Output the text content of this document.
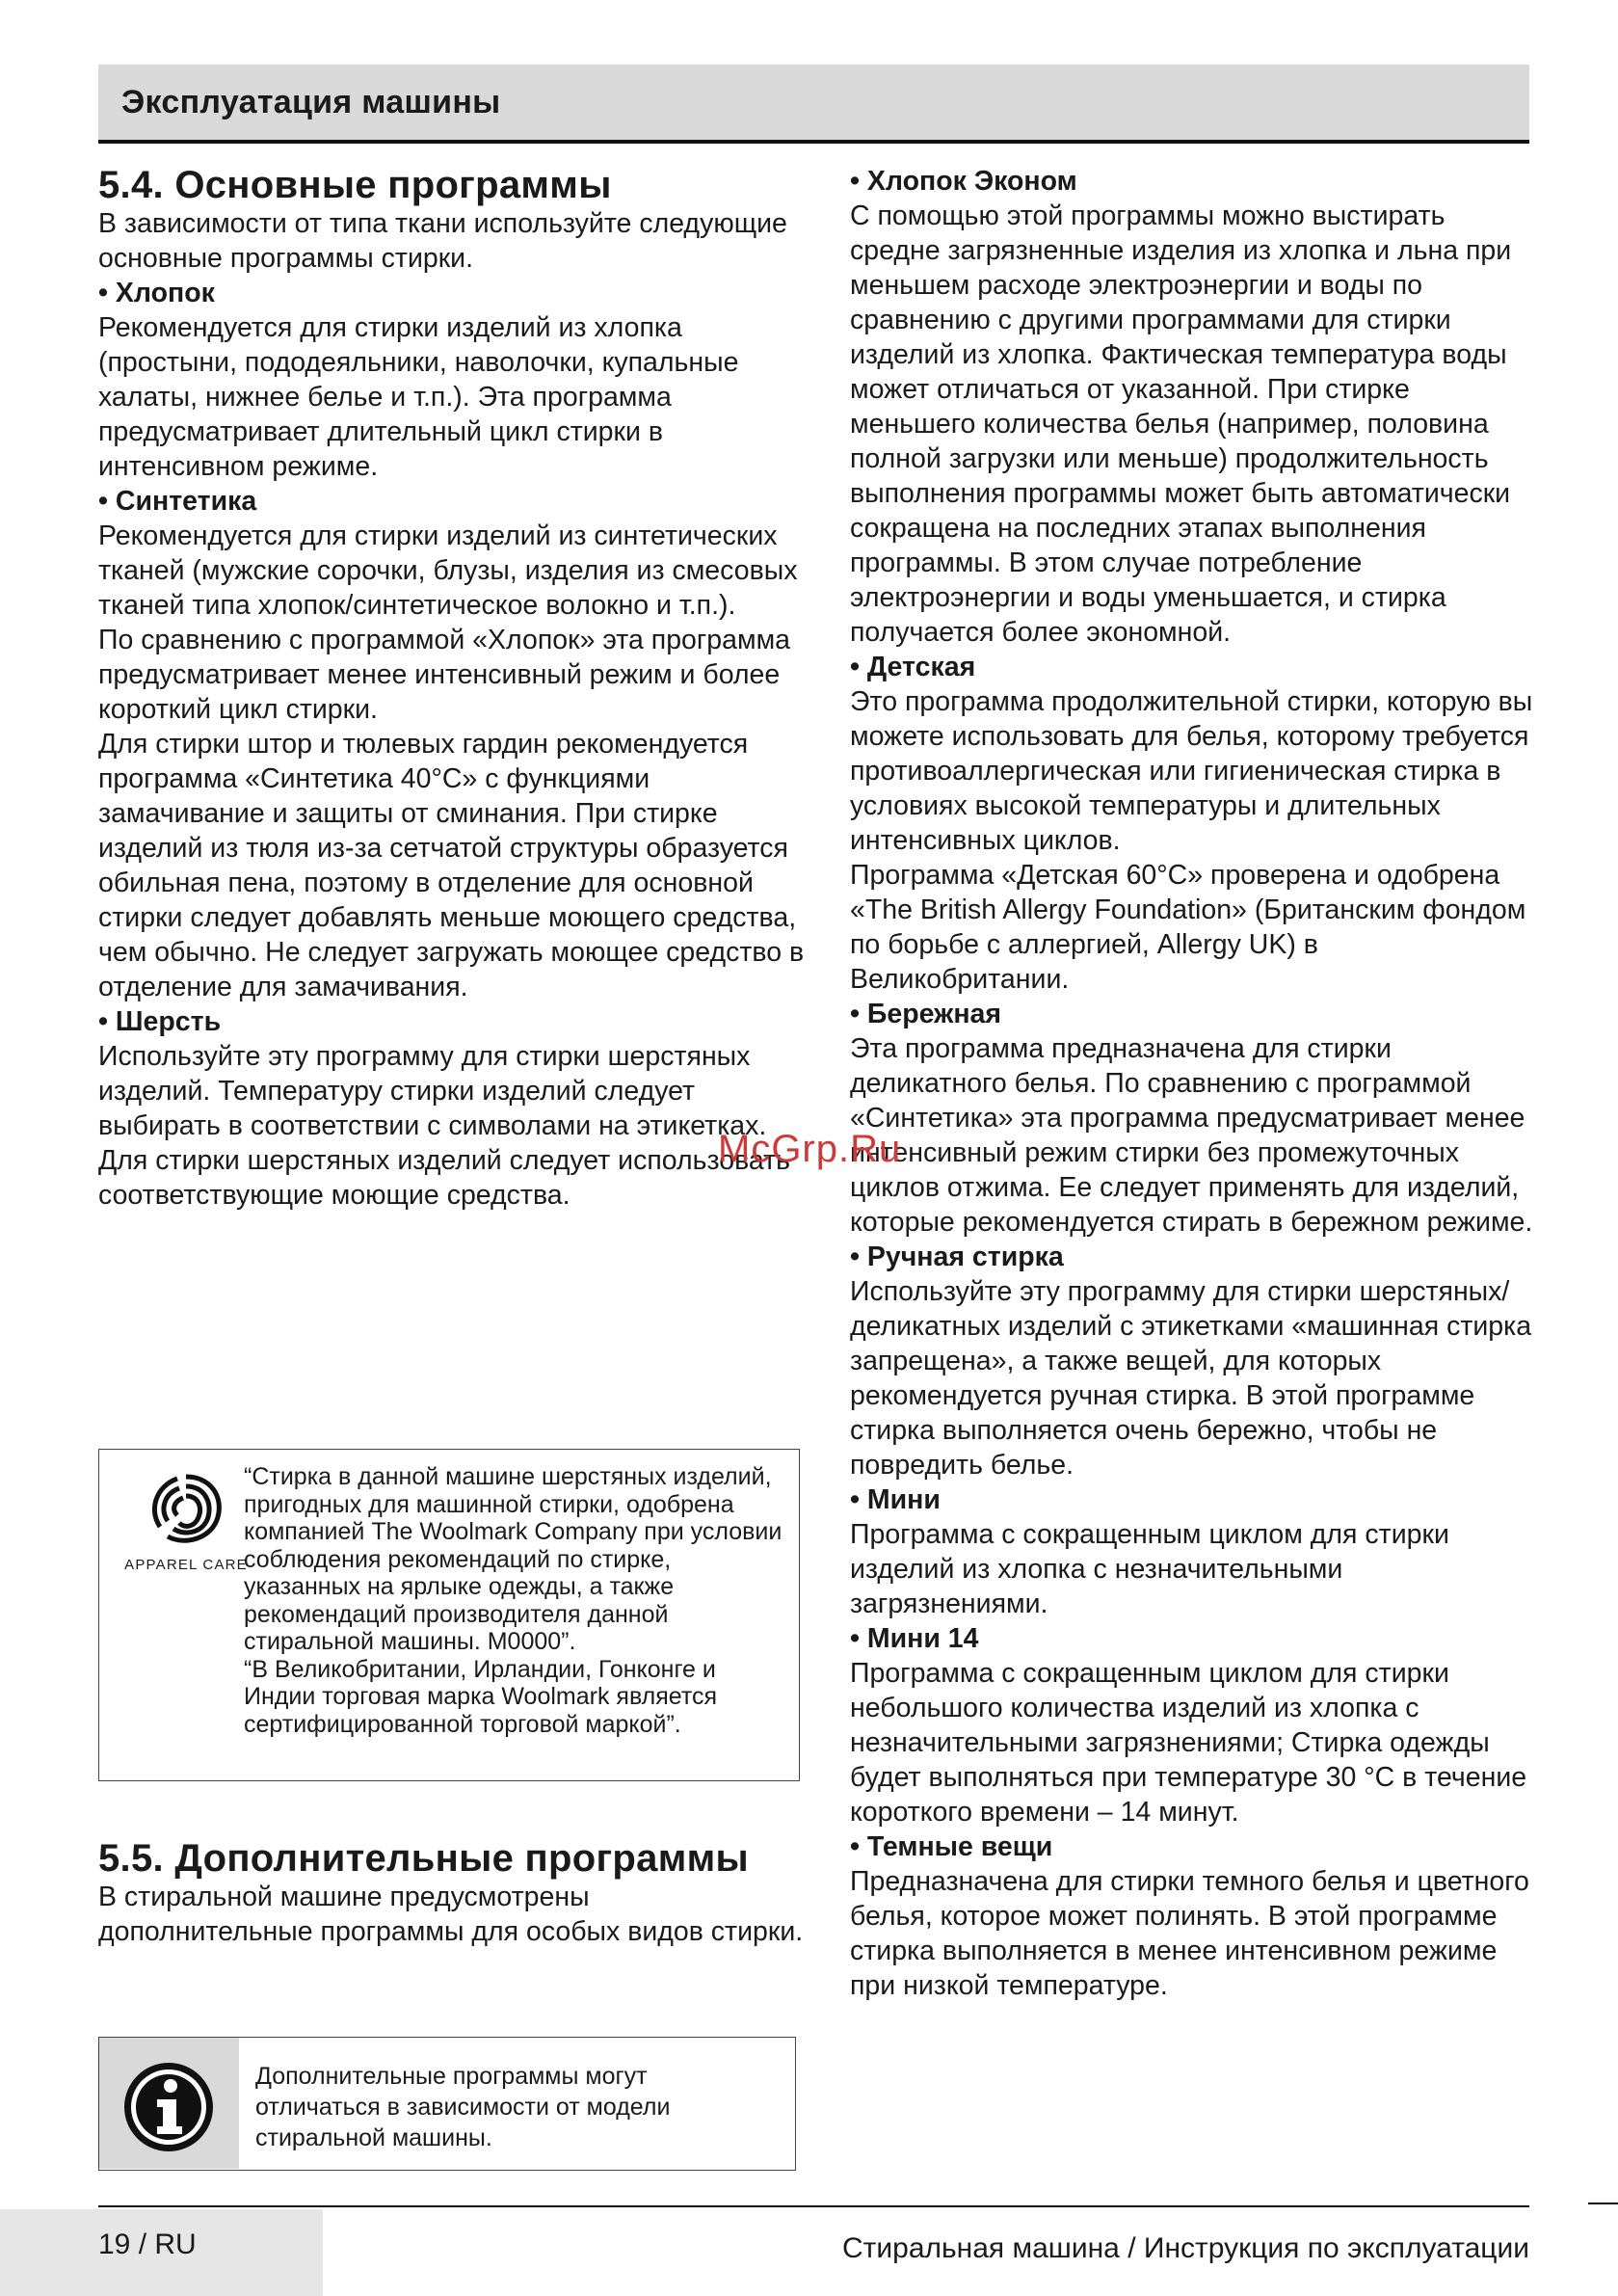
Эксплуатация машины
5.4. Основные программы

В зависимости от типа ткани используйте следующие основные программы стирки.

• Хлопок

Рекомендуется для стирки изделий из хлопка (простыни, пододеяльники, наволочки, купальные халаты, нижнее белье и т.п.). Эта программа предусматривает длительный цикл стирки в интенсивном режиме.

• Синтетика

Рекомендуется для стирки изделий из синтетических тканей (мужские сорочки, блузы, изделия из смесовых тканей типа хлопок/синтетическое волокно и т.п.).

По сравнению с программой «Хлопок» эта программа предусматривает менее интенсивный режим и более короткий цикл стирки.

Для стирки штор и тюлевых гардин рекомендуется программа «Синтетика 40°C» с функциями замачивание и защиты от сминания. При стирке изделий из тюля из-за сетчатой структуры образуется обильная пена, поэтому в отделение для основной стирки следует добавлять меньше моющего средства, чем обычно. Не следует загружать моющее средство в отделение для замачивания.

• Шерсть

Используйте эту программу для стирки шерстяных изделий. Температуру стирки изделий следует выбирать в соответствии с символами на этикетках. Для стирки шерстяных изделий следует использовать соответствующие моющие средства.

APPAREL CARE

“Стирка в данной машине шерстяных изделий, пригодных для машинной стирки, одобрена компанией The Woolmark Company при условии соблюдения рекомендаций по стирке, указанных на ярлыке одежды, а также рекомендаций производителя данной стиральной машины. M0000”.

“В Великобритании, Ирландии, Гонконге и Индии торговая марка Woolmark является сертифицированной торговой маркой”.

5.5. Дополнительные программы

В стиральной машине предусмотрены дополнительные программы для особых видов стирки.

Дополнительные программы могут отличаться в зависимости от модели стиральной машины.

• Хлопок Эконом

С помощью этой программы можно выстирать средне загрязненные изделия из хлопка и льна при меньшем расходе электроэнергии и воды по сравнению с другими программами для стирки изделий из хлопка. Фактическая температура воды может отличаться от указанной. При стирке меньшего количества белья (например, половина полной загрузки или меньше) продолжительность выполнения программы может быть автоматически сокращена на последних этапах выполнения программы. В этом случае потребление электроэнергии и воды уменьшается, и стирка получается более экономной.

• Детская

Это программа продолжительной стирки, которую вы можете использовать для белья, которому требуется противоаллергическая или гигиеническая стирка в условиях высокой температуры и длительных интенсивных циклов.

Программа «Детская 60°C» проверена и одобрена «The British Allergy Foundation» (Британским фондом по борьбе с аллергией, Allergy UK) в Великобритании.

• Бережная

Эта программа предназначена для стирки деликатного белья. По сравнению с программой «Синтетика» эта программа предусматривает менее интенсивный режим стирки без промежуточных циклов отжима. Ее следует применять для изделий, которые рекомендуется стирать в бережном режиме.

• Ручная стирка

Используйте эту программу для стирки шерстяных/деликатных изделий с этикетками «машинная стирка запрещена», а также вещей, для которых рекомендуется ручная стирка. В этой программе стирка выполняется очень бережно, чтобы не повредить белье.

• Мини

Программа с сокращенным циклом для стирки изделий из хлопка с незначительными загрязнениями.

• Мини 14

Программа с сокращенным циклом для стирки небольшого количества изделий из хлопка с незначительными загрязнениями; Стирка одежды будет выполняться при температуре 30 °C в течение короткого времени – 14 минут.

• Темные вещи

Предназначена для стирки темного белья и цветного белья, которое может полинять. В этой программе стирка выполняется в менее интенсивном режиме при низкой температуре.

McGrp.Ru
19 / RU	Стиральная машина / Инструкция по эксплуатации
